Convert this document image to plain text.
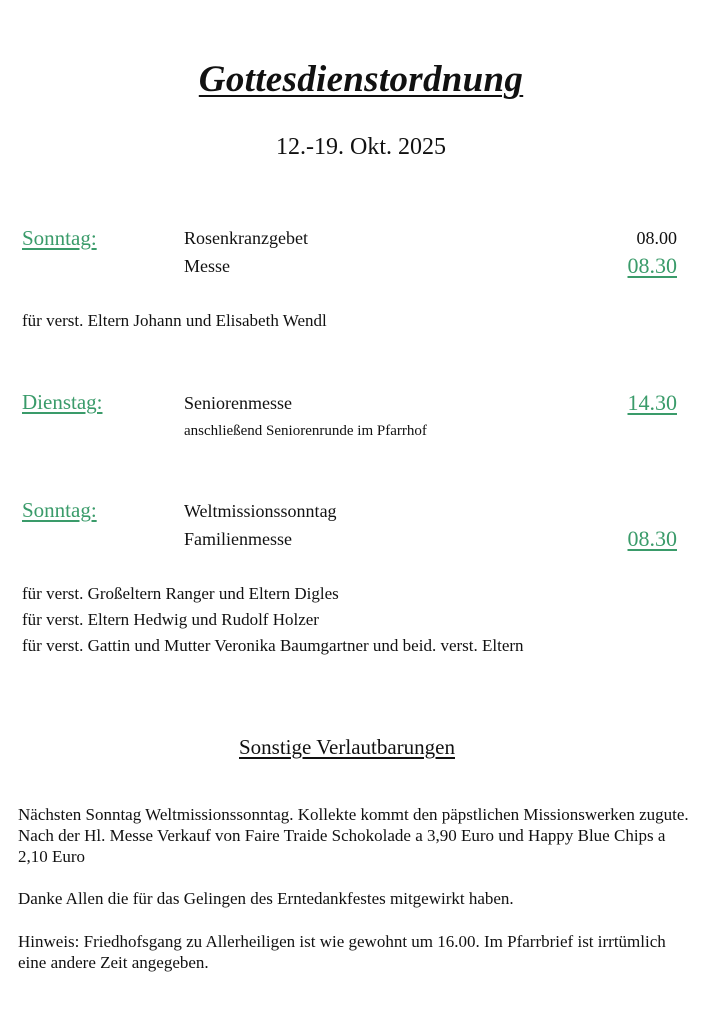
Gottesdienstordnung
12.-19. Okt. 2025
Sonntag:	Rosenkranzgebet	08.00
Messe	08.30
für verst. Eltern Johann und Elisabeth Wendl
Dienstag:	Seniorenmesse	14.30
anschließend Seniorenrunde im Pfarrhof
Sonntag:	Weltmissionssonntag
Familienmesse	08.30
für verst. Großeltern Ranger und Eltern Digles
für verst. Eltern Hedwig und Rudolf Holzer
für verst. Gattin und Mutter Veronika Baumgartner und beid. verst. Eltern
Sonstige Verlautbarungen
Nächsten Sonntag Weltmissionssonntag. Kollekte kommt den päpstlichen Missionswerken zugute. Nach der Hl. Messe Verkauf von Faire Traide Schokolade a 3,90 Euro und Happy Blue Chips a 2,10 Euro
Danke Allen die für das Gelingen des Erntedankfestes mitgewirkt haben.
Hinweis: Friedhofsgang zu Allerheiligen ist wie gewohnt um 16.00. Im Pfarrbrief ist irrtümlich eine andere Zeit angegeben.
